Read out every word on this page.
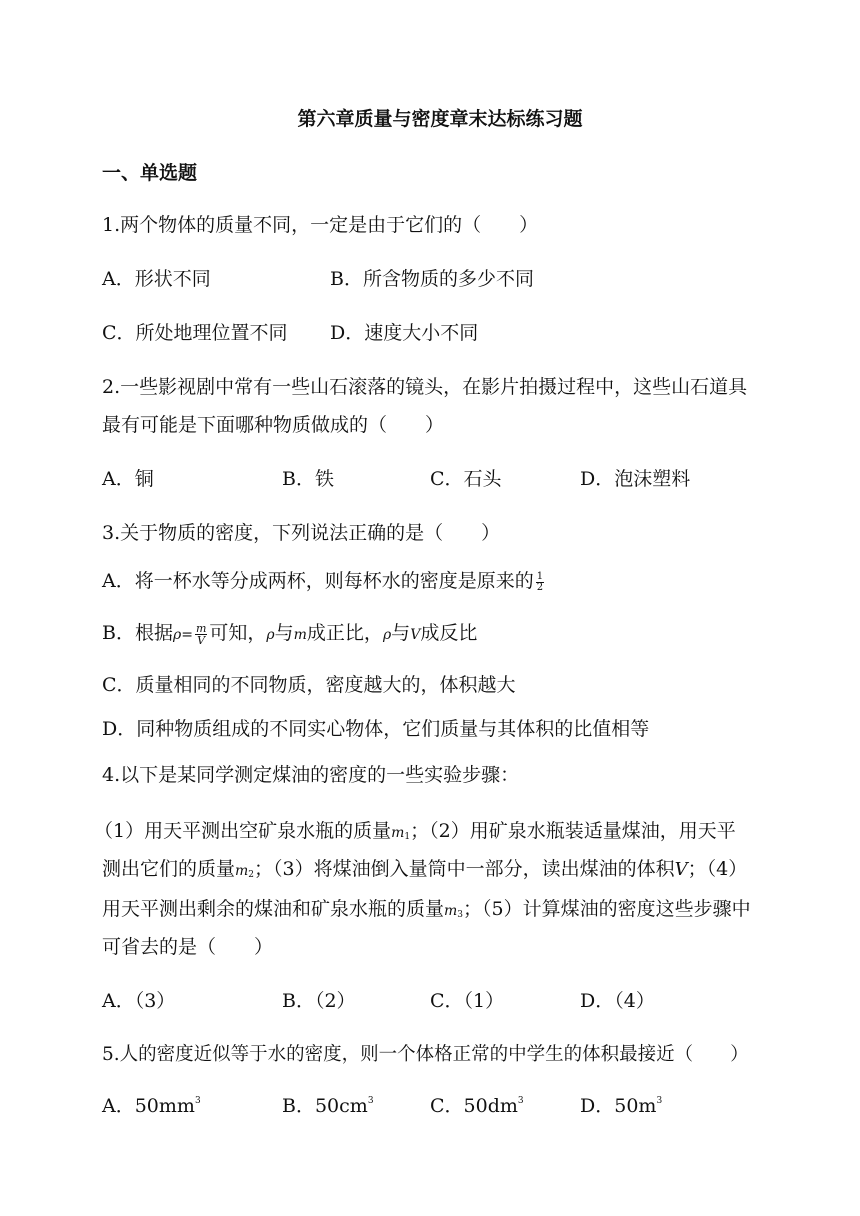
第六章质量与密度章末达标练习题
一、单选题
1.两个物体的质量不同，一定是由于它们的（　　）
A．形状不同	B．所含物质的多少不同
C．所处地理位置不同 D．速度大小不同
2.一些影视剧中常有一些山石滚落的镜头，在影片拍摄过程中，这些山石道具
最有可能是下面哪种物质做成的（　　）
A．铜	B．铁	C．石头	D．泡沫塑料
3.关于物质的密度，下列说法正确的是（　　）
A．将一杯水等分成两杯，则每杯水的密度是原来的 $\frac{1}{2}$
B．根据$\rho= \frac{m}{V}$ 可知，ρ与m成正比，ρ与V成反比
C．质量相同的不同物质，密度越大的，体积越大
D．同种物质组成的不同实心物体，它们质量与其体积的比值相等
4.以下是某同学测定煤油的密度的一些实验步骤：
（1）用天平测出空矿泉水瓶的质量$m_1$；（2）用矿泉水瓶装适量煤油，用天平
测出它们的质量$m_2$；（3）将煤油倒入量筒中一部分，读出煤油的体积V；（4）
用天平测出剩余的煤油和矿泉水瓶的质量$m_3$；（5）计算煤油的密度这些步骤中
可省去的是（　　）
A．（3）	B．（2）	C．（1）	D．（4）
5.人的密度近似等于水的密度，则一个体格正常的中学生的体积最接近（　　）
A．$50mm^3$	B．$50cm^3$	C．$50dm^3$	D．$50m^3$
